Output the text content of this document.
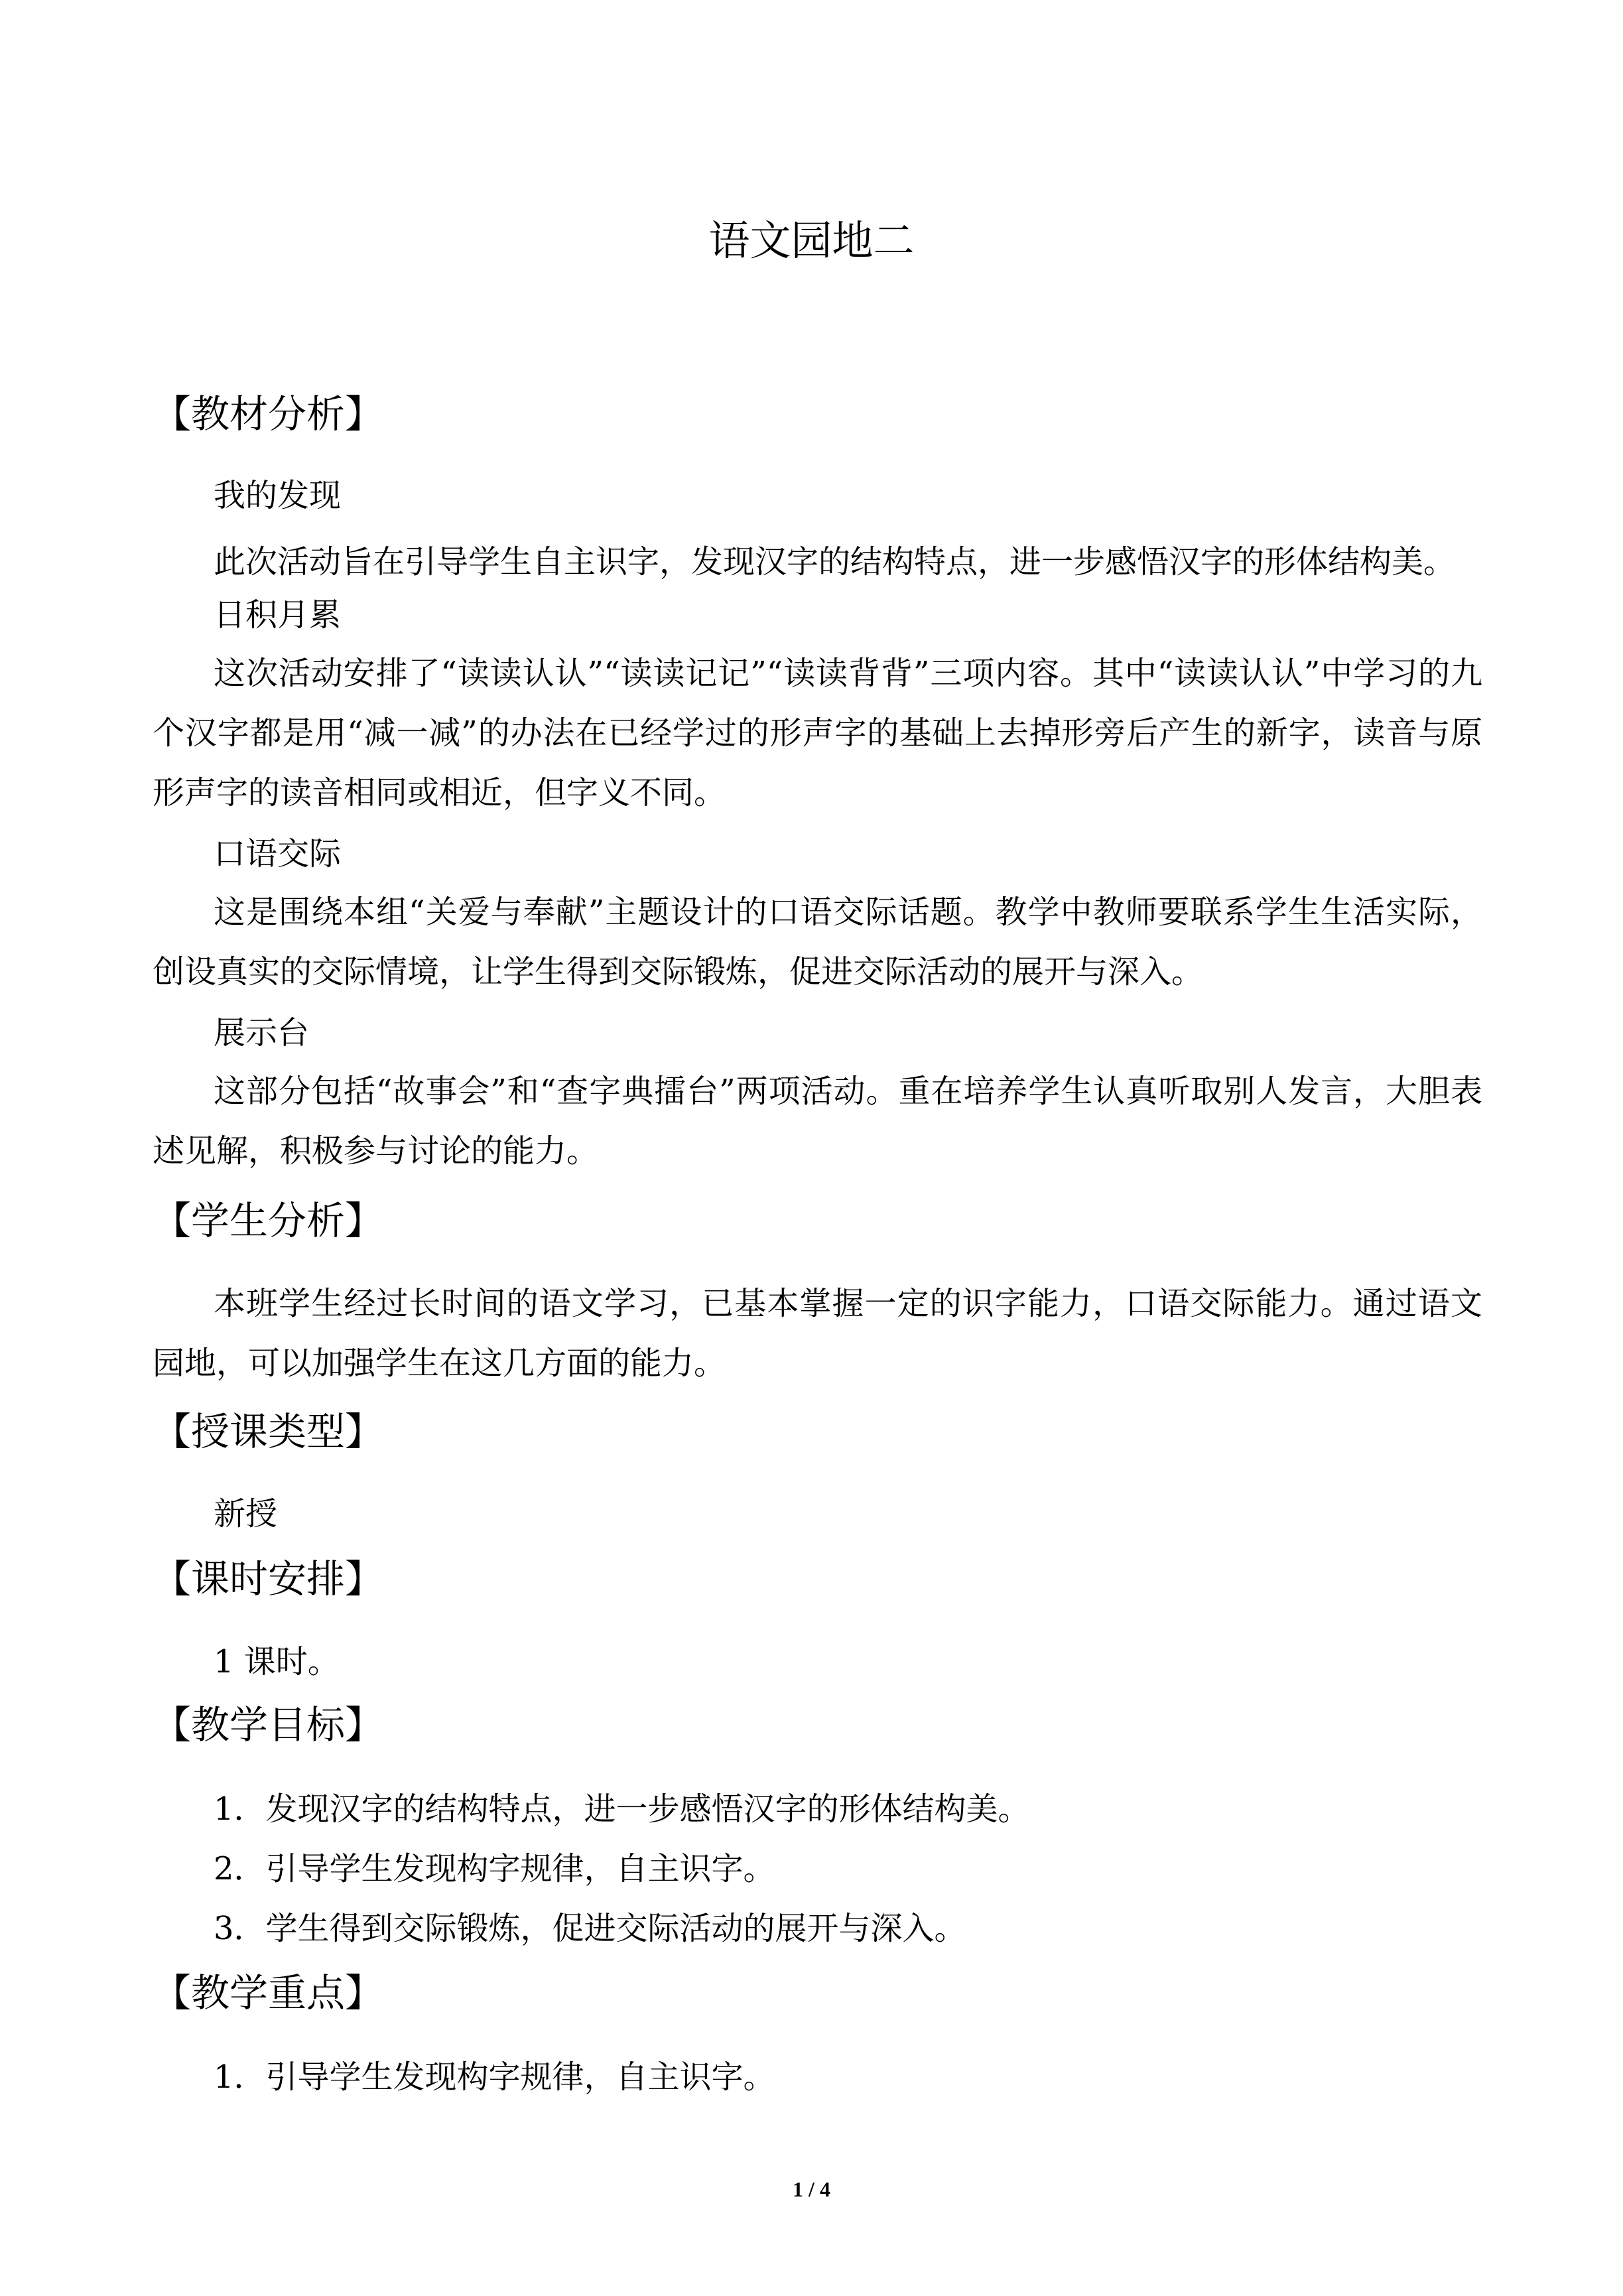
语文园地二
【教材分析】

我的发现

此次活动旨在引导学生自主识字，发现汉字的结构特点，进一步感悟汉字的形体结构美。

日积月累

这次活动安排了“读读认认”“读读记记”“读读背背”三项内容。其中“读读认认”中学习的九个汉字都是用“减一减”的办法在已经学过的形声字的基础上去掉形旁后产生的新字，读音与原形声字的读音相同或相近，但字义不同。

口语交际

这是围绕本组“关爱与奉献”主题设计的口语交际话题。教学中教师要联系学生生活实际，创设真实的交际情境，让学生得到交际锻炼，促进交际活动的展开与深入。

展示台

这部分包括“故事会”和“查字典擂台”两项活动。重在培养学生认真听取别人发言，大胆表述见解，积极参与讨论的能力。

【学生分析】

本班学生经过长时间的语文学习，已基本掌握一定的识字能力，口语交际能力。通过语文园地，可以加强学生在这几方面的能力。

【授课类型】

新授

【课时安排】

1 课时。

【教学目标】

1．发现汉字的结构特点，进一步感悟汉字的形体结构美。

2．引导学生发现构字规律，自主识字。

3．学生得到交际锻炼，促进交际活动的展开与深入。

【教学重点】

1．引导学生发现构字规律，自主识字。

1 / 4
